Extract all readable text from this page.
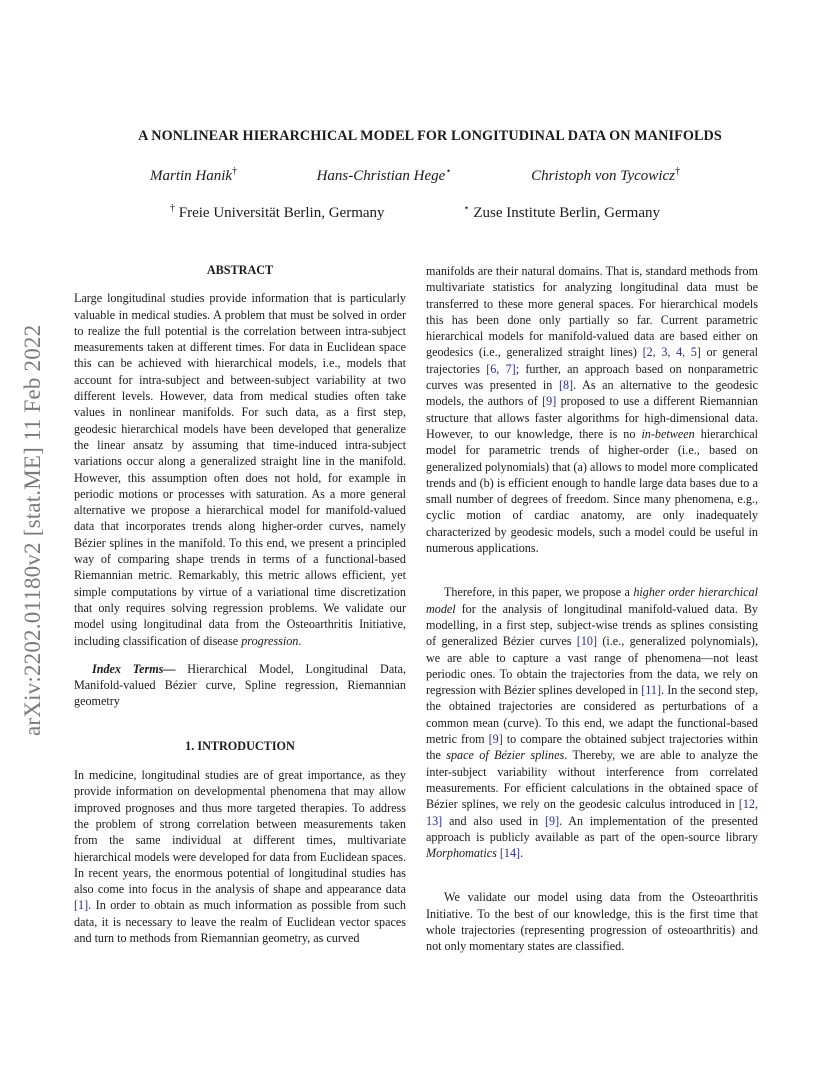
arXiv:2202.01180v2 [stat.ME] 11 Feb 2022
A NONLINEAR HIERARCHICAL MODEL FOR LONGITUDINAL DATA ON MANIFOLDS
Martin Hanik†	Hans-Christian Hege⋆	Christoph von Tycowicz†
† Freie Universität Berlin, Germany	⋆ Zuse Institute Berlin, Germany
ABSTRACT

Large longitudinal studies provide information that is particularly valuable in medical studies. A problem that must be solved in order to realize the full potential is the correlation between intra-subject measurements taken at different times. For data in Euclidean space this can be achieved with hierarchical models, i.e., models that account for intra-subject and between-subject variability at two different levels. However, data from medical studies often take values in nonlinear manifolds. For such data, as a first step, geodesic hierarchical models have been developed that generalize the linear ansatz by assuming that time-induced intra-subject variations occur along a generalized straight line in the manifold. However, this assumption often does not hold, for example in periodic motions or processes with saturation. As a more general alternative we propose a hierarchical model for manifold-valued data that incorporates trends along higher-order curves, namely Bézier splines in the manifold. To this end, we present a principled way of comparing shape trends in terms of a functional-based Riemannian metric. Remarkably, this metric allows efficient, yet simple computations by virtue of a variational time discretization that only requires solving regression problems. We validate our model using longitudinal data from the Osteoarthritis Initiative, including classification of disease progression.

Index Terms— Hierarchical Model, Longitudinal Data, Manifold-valued Bézier curve, Spline regression, Riemannian geometry

1. INTRODUCTION

In medicine, longitudinal studies are of great importance, as they provide information on developmental phenomena that may allow improved prognoses and thus more targeted therapies. To address the problem of strong correlation between measurements taken from the same individual at different times, multivariate hierarchical models were developed for data from Euclidean spaces. In recent years, the enormous potential of longitudinal studies has also come into focus in the analysis of shape and appearance data [1]. In order to obtain as much information as possible from such data, it is necessary to leave the realm of Euclidean vector spaces and turn to methods from Riemannian geometry, as curved

manifolds are their natural domains. That is, standard methods from multivariate statistics for analyzing longitudinal data must be transferred to these more general spaces. For hierarchical models this has been done only partially so far. Current parametric hierarchical models for manifold-valued data are based either on geodesics (i.e., generalized straight lines) [2, 3, 4, 5] or general trajectories [6, 7]; further, an approach based on nonparametric curves was presented in [8]. As an alternative to the geodesic models, the authors of [9] proposed to use a different Riemannian structure that allows faster algorithms for high-dimensional data. However, to our knowledge, there is no in-between hierarchical model for parametric trends of higher-order (i.e., based on generalized polynomials) that (a) allows to model more complicated trends and (b) is efficient enough to handle large data bases due to a small number of degrees of freedom. Since many phenomena, e.g., cyclic motion of cardiac anatomy, are only inadequately characterized by geodesic models, such a model could be useful in numerous applications.

Therefore, in this paper, we propose a higher order hierarchical model for the analysis of longitudinal manifold-valued data. By modelling, in a first step, subject-wise trends as splines consisting of generalized Bézier curves [10] (i.e., generalized polynomials), we are able to capture a vast range of phenomena—not least periodic ones. To obtain the trajectories from the data, we rely on regression with Bézier splines developed in [11]. In the second step, the obtained trajectories are considered as perturbations of a common mean (curve). To this end, we adapt the functional-based metric from [9] to compare the obtained subject trajectories within the space of Bézier splines. Thereby, we are able to analyze the inter-subject variability without interference from correlated measurements. For efficient calculations in the obtained space of Bézier splines, we rely on the geodesic calculus introduced in [12, 13] and also used in [9]. An implementation of the presented approach is publicly available as part of the open-source library Morphomatics [14].

We validate our model using data from the Osteoarthritis Initiative. To the best of our knowledge, this is the first time that whole trajectories (representing progression of osteoarthritis) and not only momentary states are classified.
